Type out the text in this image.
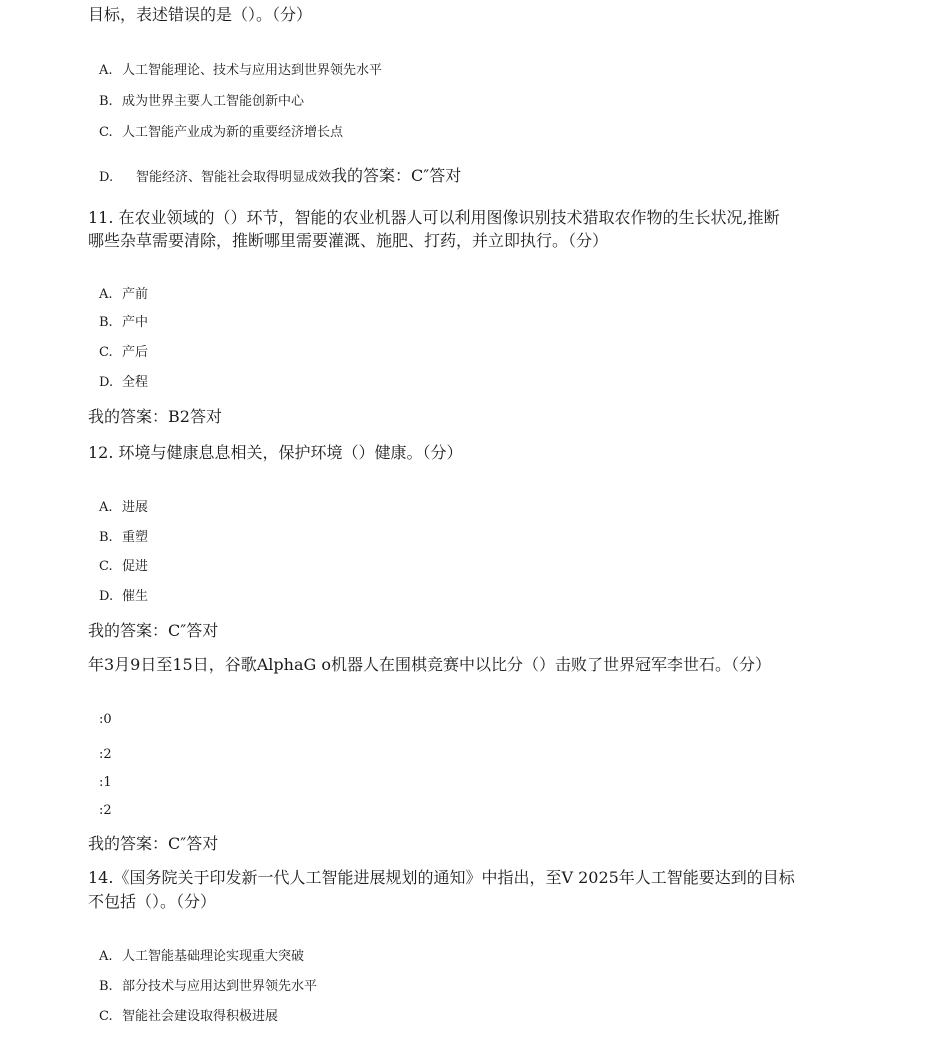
目标，表述错误的是（）。（分）
A. 人工智能理论、技术与应用达到世界领先水平
B. 成为世界主要人工智能创新中心
C. 人工智能产业成为新的重要经济增长点
D. 智能经济、智能社会取得明显成效我的答案：C″答对
11. 在农业领域的（）环节，智能的农业机器人可以利用图像识别技术猎取农作物的生长状况,推断
哪些杂草需要清除，推断哪里需要灌溉、施肥、打药，并立即执行。（分）
A. 产前
B. 产中
C. 产后
D. 全程
我的答案：B2答对
12. 环境与健康息息相关，保护环境（）健康。（分）
A. 进展
B. 重塑
C. 促进
D. 催生
我的答案：C″答对
年3月9日至15日，谷歌AlphaG o机器人在围棋竞赛中以比分（）击败了世界冠军李世石。（分）
:0
:2
:1
:2
我的答案：C″答对
14.《国务院关于印发新一代人工智能进展规划的通知》中指出，至V 2025年人工智能要达到的目标
不包括（）。（分）
A. 人工智能基础理论实现重大突破
B. 部分技术与应用达到世界领先水平
C. 智能社会建设取得积极进展
